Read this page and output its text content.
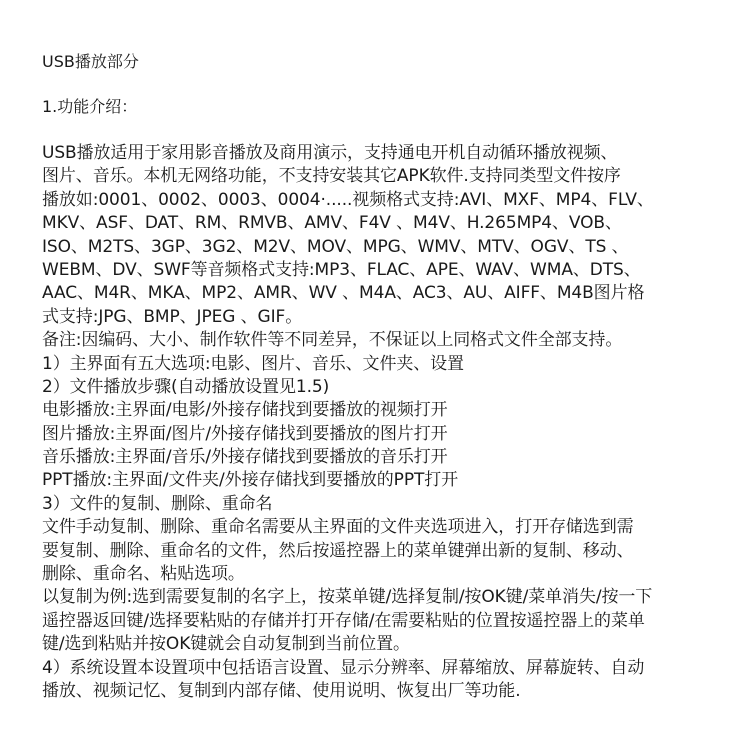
USB播放部分
1.功能介绍：
USB播放适用于家用影音播放及商用演示，支持通电开机自动循环播放视频、
图片、音乐。本机无网络功能，不支持安装其它APK软件.支持同类型文件按序
播放如:0001、0002、0003、0004·.....视频格式支持:AVI、MXF、MP4、FLV、
MKV、ASF、DAT、RM、RMVB、AMV、F4V 、M4V、H.265MP4、VOB、
ISO、M2TS、3GP、3G2、M2V、MOV、MPG、WMV、MTV、OGV、TS 、
WEBM、DV、SWF等音频格式支持:MP3、FLAC、APE、WAV、WMA、DTS、
AAC、M4R、MKA、MP2、AMR、WV 、M4A、AC3、AU、AIFF、M4B图片格
式支持:JPG、BMP、JPEG 、GIF。
备注:因编码、大小、制作软件等不同差异，不保证以上同格式文件全部支持。
1）主界面有五大选项:电影、图片、音乐、文件夹、设置
2）文件播放步骤(自动播放设置见1.5)
电影播放:主界面/电影/外接存储找到要播放的视频打开
图片播放:主界面/图片/外接存储找到要播放的图片打开
音乐播放:主界面/音乐/外接存储找到要播放的音乐打开
PPT播放:主界面/文件夹/外接存储找到要播放的PPT打开
3）文件的复制、删除、重命名
文件手动复制、删除、重命名需要从主界面的文件夹选项进入，打开存储选到需
要复制、删除、重命名的文件，然后按遥控器上的菜单键弹出新的复制、移动、
删除、重命名、粘贴选项。
以复制为例:选到需要复制的名字上，按菜单键/选择复制/按OK键/菜单消失/按一下
遥控器返回键/选择要粘贴的存储并打开存储/在需要粘贴的位置按遥控器上的菜单
键/选到粘贴并按OK键就会自动复制到当前位置。
4）系统设置本设置项中包括语言设置、显示分辨率、屏幕缩放、屏幕旋转、自动
播放、视频记忆、复制到内部存储、使用说明、恢复出厂等功能.
